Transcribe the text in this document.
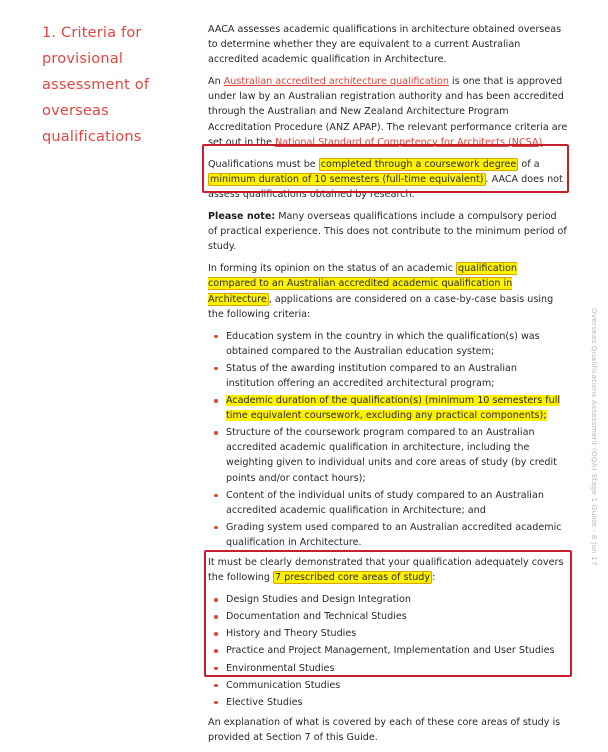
1. Criteria for provisional assessment of overseas qualifications

AACA assesses academic qualifications in architecture obtained overseas to determine whether they are equivalent to a current Australian accredited academic qualification in Architecture.

An Australian accredited architecture qualification is one that is approved under law by an Australian registration authority and has been accredited through the Australian and New Zealand Architecture Program Accreditation Procedure (ANZ APAP). The relevant performance criteria are set out in the National Standard of Competency for Architects (NCSA).

Qualifications must be completed through a coursework degree of a minimum duration of 10 semesters (full-time equivalent) . AACA does not assess qualifications obtained by research.

Please note: Many overseas qualifications include a compulsory period of practical experience. This does not contribute to the minimum period of study.

In forming its opinion on the status of an academic qualification compared to an Australian accredited academic qualification in Architecture , applications are considered on a case-by-case basis using the following criteria:

Education system in the country in which the qualification(s) was obtained compared to the Australian education system;
Status of the awarding institution compared to an Australian institution offering an accredited architectural program;
Academic duration of the qualification(s) (minimum 10 semesters full time equivalent coursework, excluding any practical components);
Structure of the coursework program compared to an Australian accredited academic qualification in architecture, including the weighting given to individual units and core areas of study (by credit points and/or contact hours);
Content of the individual units of study compared to an Australian accredited academic qualification in Architecture; and
Grading system used compared to an Australian accredited academic qualification in Architecture.

It must be clearly demonstrated that your qualification adequately covers the following 7 prescribed core areas of study :

Design Studies and Design Integration
Documentation and Technical Studies
History and Theory Studies
Practice and Project Management, Implementation and User Studies
Environmental Studies
Communication Studies
Elective Studies

An explanation of what is covered by each of these core areas of study is provided at Section 7 of this Guide.

Overseas Qualifications Assessment (OQA) Stage 1 Guide - 8 Jun 17
